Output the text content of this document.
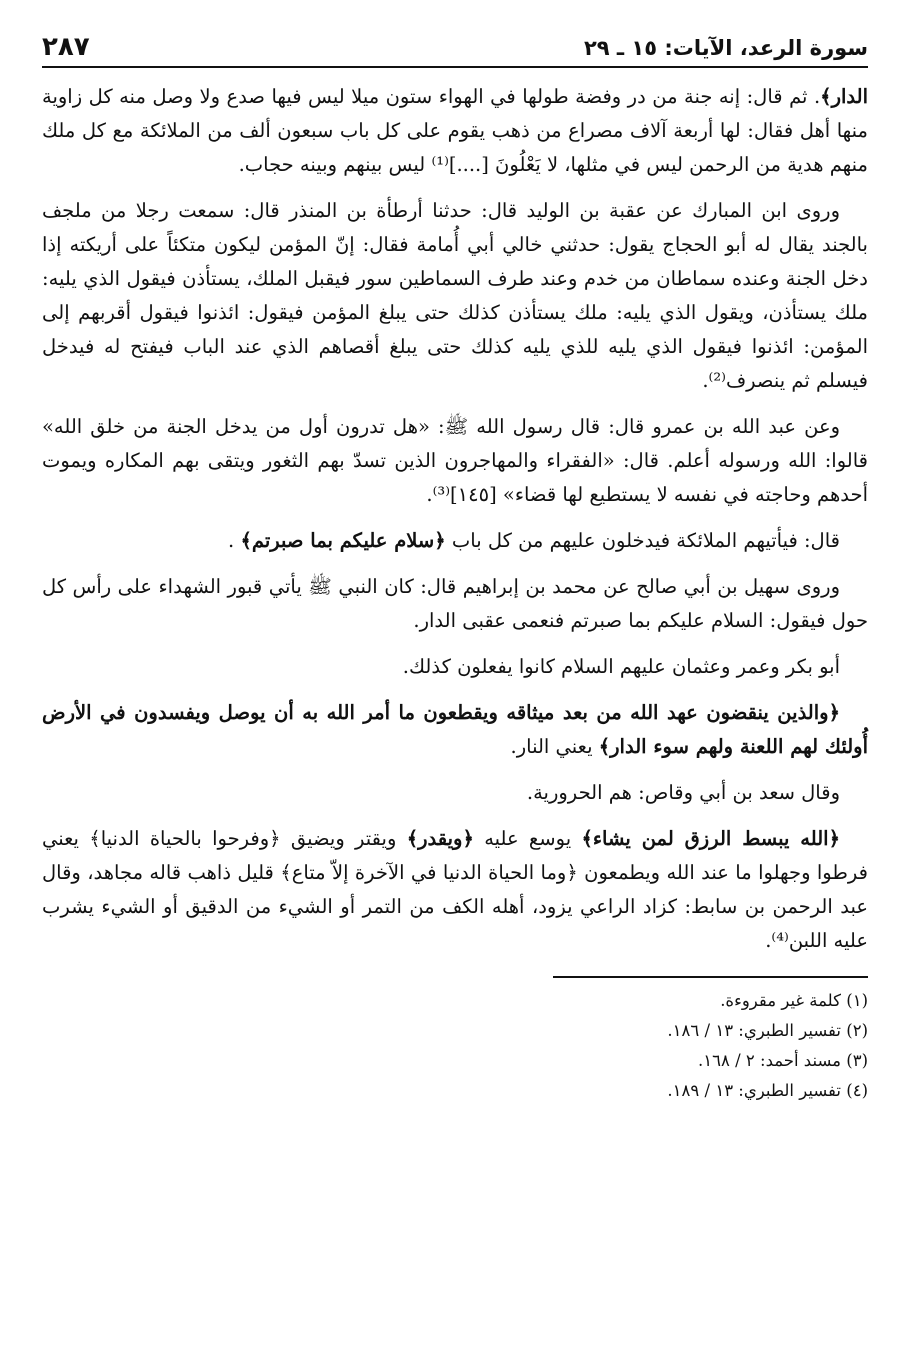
سورة الرعد، الآيات: ١٥ ـ ٢٩
٢٨٧

الدار﴾. ثم قال: إنه جنة من در وفضة طولها في الهواء ستون ميلا ليس فيها صدع ولا وصل منه كل زاوية منها أهل فقال: لها أربعة آلاف مصراع من ذهب يقوم على كل باب سبعون ألف من الملائكة مع كل ملك منهم هدية من الرحمن ليس في مثلها، لا يَعْلُونَ [....]⁽¹⁾ ليس بينهم وبينه حجاب.

وروى ابن المبارك عن عقبة بن الوليد قال: حدثنا أرطأة بن المنذر قال: سمعت رجلا من ملجف بالجند يقال له أبو الحجاج يقول: حدثني خالي أبي أُمامة فقال: إنّ المؤمن ليكون متكئاً على أريكته إذا دخل الجنة وعنده سماطان من خدم وعند طرف السماطين سور فيقبل الملك، يستأذن فيقول الذي يليه: ملك يستأذن، ويقول الذي يليه: ملك يستأذن كذلك حتى يبلغ المؤمن فيقول: ائذنوا فيقول أقربهم إلى المؤمن: ائذنوا فيقول الذي يليه للذي يليه كذلك حتى يبلغ أقصاهم الذي عند الباب فيفتح له فيدخل فيسلم ثم ينصرف⁽²⁾.

وعن عبد الله بن عمرو قال: قال رسول الله ﷺ: «هل تدرون أول من يدخل الجنة من خلق الله» قالوا: الله ورسوله أعلم. قال: «الفقراء والمهاجرون الذين تسدّ بهم الثغور ويتقى بهم المكاره ويموت أحدهم وحاجته في نفسه لا يستطيع لها قضاء» [١٤٥]⁽³⁾.

قال: فيأتيهم الملائكة فيدخلون عليهم من كل باب ﴿سلام عليكم بما صبرتم﴾ .

وروى سهيل بن أبي صالح عن محمد بن إبراهيم قال: كان النبي ﷺ يأتي قبور الشهداء على رأس كل حول فيقول: السلام عليكم بما صبرتم فنعمى عقبى الدار.

أبو بكر وعمر وعثمان عليهم السلام كانوا يفعلون كذلك.

﴿والذين ينقضون عهد الله من بعد ميثاقه ويقطعون ما أمر الله به أن يوصل ويفسدون في الأرض أُولئك لهم اللعنة ولهم سوء الدار﴾ يعني النار.

وقال سعد بن أبي وقاص: هم الحرورية.

﴿الله يبسط الرزق لمن يشاء﴾ يوسع عليه ﴿ويقدر﴾ ويقتر ويضيق ﴿وفرحوا بالحياة الدنيا﴾ يعني فرطوا وجهلوا ما عند الله ويطمعون ﴿وما الحياة الدنيا في الآخرة إلاّ متاع﴾ قليل ذاهب قاله مجاهد، وقال عبد الرحمن بن سابط: كزاد الراعي يزود، أهله الكف من التمر أو الشيء من الدقيق أو الشيء يشرب عليه اللبن⁽⁴⁾.

(١) كلمة غير مقروءة.
(٢) تفسير الطبري: ١٣ / ١٨٦.
(٣) مسند أحمد: ٢ / ١٦٨.
(٤) تفسير الطبري: ١٣ / ١٨٩.
